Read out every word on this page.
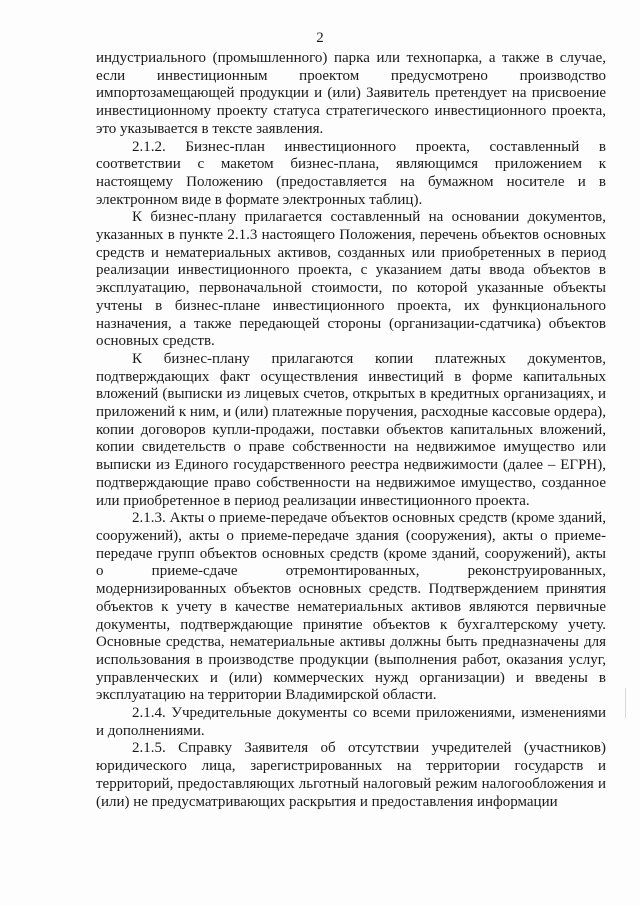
2

индустриального (промышленного) парка или технопарка, а также в случае, если инвестиционным проектом предусмотрено производство импортозамещающей продукции и (или) Заявитель претендует на присвоение инвестиционному проекту статуса стратегического инвестиционного проекта, это указывается в тексте заявления.

2.1.2. Бизнес-план инвестиционного проекта, составленный в соответствии с макетом бизнес-плана, являющимся приложением к настоящему Положению (предоставляется на бумажном носителе и в электронном виде в формате электронных таблиц).

К бизнес-плану прилагается составленный на основании документов, указанных в пункте 2.1.3 настоящего Положения, перечень объектов основных средств и нематериальных активов, созданных или приобретенных в период реализации инвестиционного проекта, с указанием даты ввода объектов в эксплуатацию, первоначальной стоимости, по которой указанные объекты учтены в бизнес-плане инвестиционного проекта, их функционального назначения, а также передающей стороны (организации-сдатчика) объектов основных средств.

К бизнес-плану прилагаются копии платежных документов, подтверждающих факт осуществления инвестиций в форме капитальных вложений (выписки из лицевых счетов, открытых в кредитных организациях, и приложений к ним, и (или) платежные поручения, расходные кассовые ордера), копии договоров купли-продажи, поставки объектов капитальных вложений, копии свидетельств о праве собственности на недвижимое имущество или выписки из Единого государственного реестра недвижимости (далее – ЕГРН), подтверждающие право собственности на недвижимое имущество, созданное или приобретенное в период реализации инвестиционного проекта.

2.1.3. Акты о приеме-передаче объектов основных средств (кроме зданий, сооружений), акты о приеме-передаче здания (сооружения), акты о приеме-передаче групп объектов основных средств (кроме зданий, сооружений), акты о приеме-сдаче отремонтированных, реконструированных, модернизированных объектов основных средств. Подтверждением принятия объектов к учету в качестве нематериальных активов являются первичные документы, подтверждающие принятие объектов к бухгалтерскому учету. Основные средства, нематериальные активы должны быть предназначены для использования в производстве продукции (выполнения работ, оказания услуг, управленческих и (или) коммерческих нужд организации) и введены в эксплуатацию на территории Владимирской области.

2.1.4. Учредительные документы со всеми приложениями, изменениями и дополнениями.

2.1.5. Справку Заявителя об отсутствии учредителей (участников) юридического лица, зарегистрированных на территории государств и территорий, предоставляющих льготный налоговый режим налогообложения и (или) не предусматривающих раскрытия и предоставления информации
